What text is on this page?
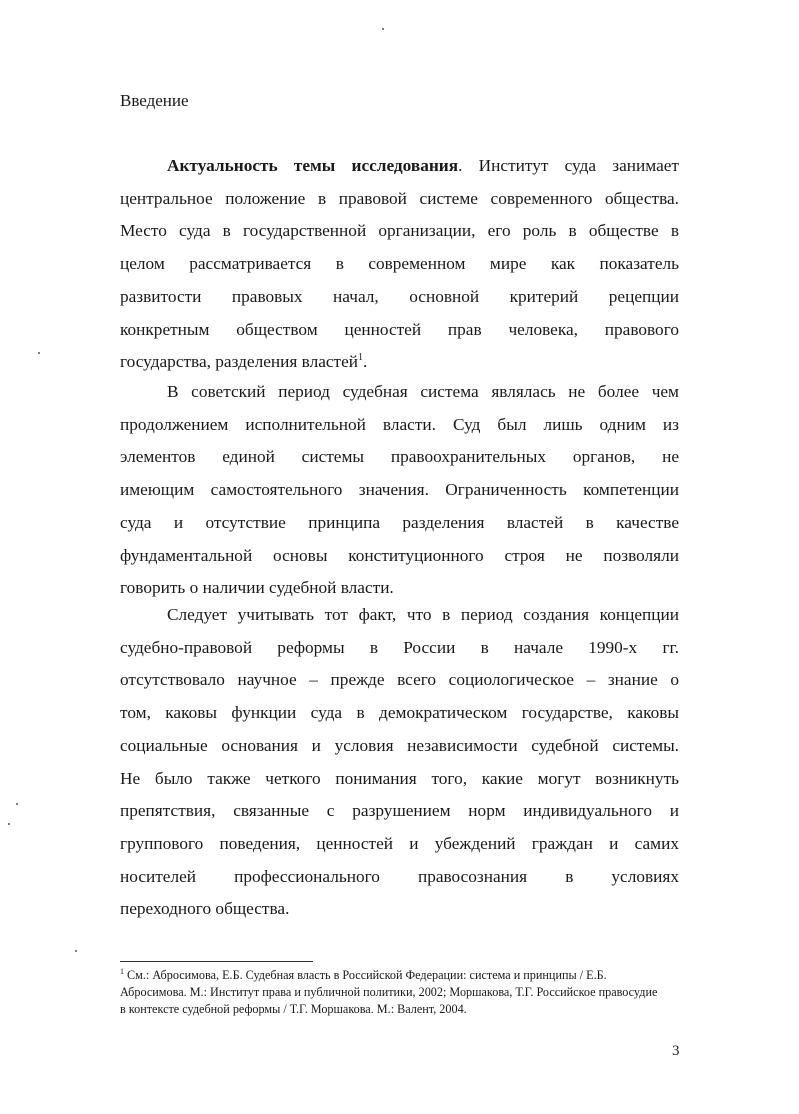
Введение
Актуальность темы исследования. Институт суда занимает
центральное положение в правовой системе современного общества.
Место суда в государственной организации, его роль в обществе в
целом рассматривается в современном мире как показатель
развитости правовых начал, основной критерий рецепции
конкретным обществом ценностей прав человека, правового
государства, разделения властей$^1$.
В советский период судебная система являлась не более чем
продолжением исполнительной власти. Суд был лишь одним из
элементов единой системы правоохранительных органов, не
имеющим самостоятельного значения. Ограниченность компетенции
суда и отсутствие принципа разделения властей в качестве
фундаментальной основы конституционного строя не позволяли
говорить о наличии судебной власти.
Следует учитывать тот факт, что в период создания концепции
судебно-правовой реформы в России в начале 1990-х гг.
отсутствовало научное – прежде всего социологическое – знание о
том, каковы функции суда в демократическом государстве, каковы
социальные основания и условия независимости судебной системы.
Не было также четкого понимания того, какие могут возникнуть
препятствия, связанные с разрушением норм индивидуального и
группового поведения, ценностей и убеждений граждан и самих
носителей профессионального правосознания в условиях
переходного общества.

$^1$ См.: Абросимова, Е.Б. Судебная власть в Российской Федерации: система и принципы / Е.Б. Абросимова. М.: Институт права и публичной политики, 2002; Моршакова, Т.Г. Российское правосудие в контексте судебной реформы / Т.Г. Моршакова. М.: Валент, 2004.

3
